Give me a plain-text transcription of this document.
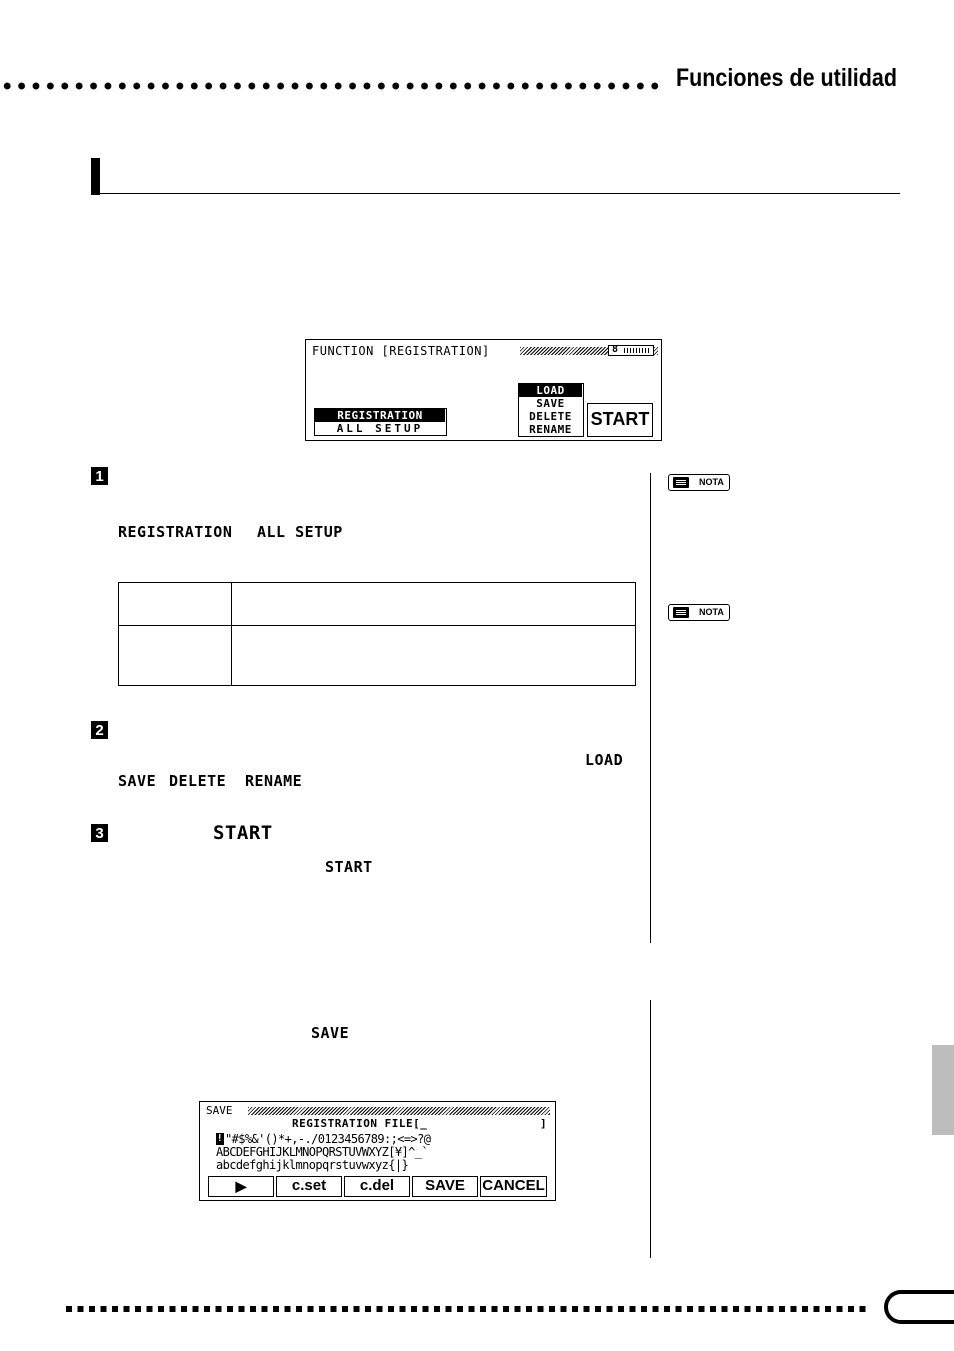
Funciones de utilidad
FUNCTION [REGISTRATION]	8
REGISTRATION
ALL SETUP
LOAD
SAVE
DELETE
RENAME
START
1
REGISTRATION ALL SETUP

2
LOAD
SAVE DELETE RENAME
3	START
START
NOTA
NOTA
SAVE
SAVE
REGISTRATION FILE[_	]
! "#$%&'()*+,-./0123456789:;<=>?@
ABCDEFGHIJKLMNOPQRSTUVWXYZ[¥]^_`
abcdefghijklmnopqrstuvwxyz{|}
▶	c.set	c.del	SAVE	CANCEL
